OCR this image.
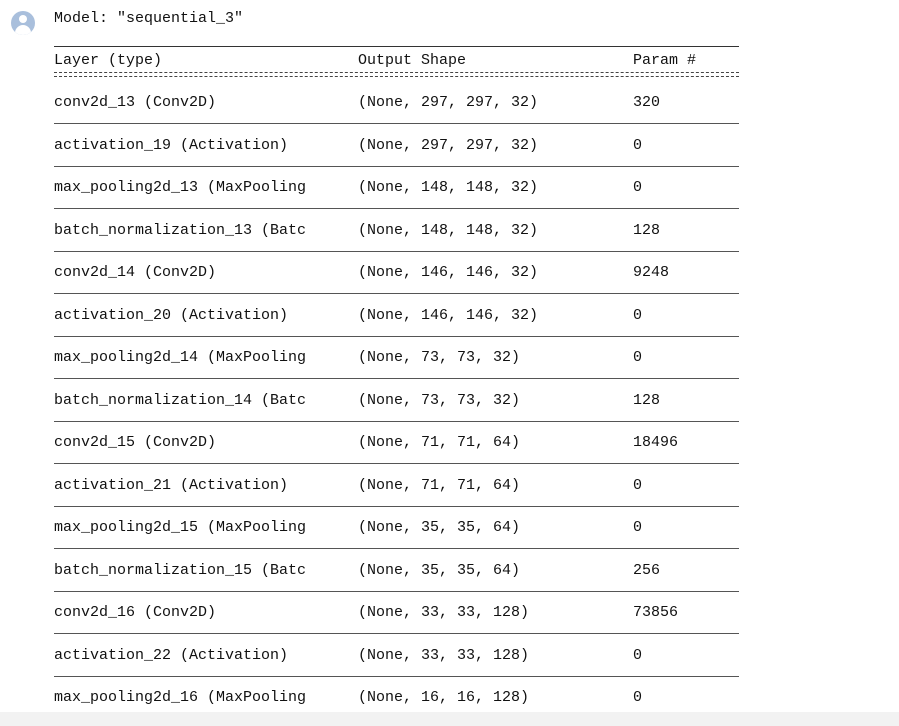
Model: "sequential_3"
Layer (type)	Output Shape	Param #
conv2d_13 (Conv2D)	(None, 297, 297, 32)	320
activation_19 (Activation)	(None, 297, 297, 32)	0
max_pooling2d_13 (MaxPooling	(None, 148, 148, 32)	0
batch_normalization_13 (Batc	(None, 148, 148, 32)	128
conv2d_14 (Conv2D)	(None, 146, 146, 32)	9248
activation_20 (Activation)	(None, 146, 146, 32)	0
max_pooling2d_14 (MaxPooling	(None, 73, 73, 32)	0
batch_normalization_14 (Batc	(None, 73, 73, 32)	128
conv2d_15 (Conv2D)	(None, 71, 71, 64)	18496
activation_21 (Activation)	(None, 71, 71, 64)	0
max_pooling2d_15 (MaxPooling	(None, 35, 35, 64)	0
batch_normalization_15 (Batc	(None, 35, 35, 64)	256
conv2d_16 (Conv2D)	(None, 33, 33, 128)	73856
activation_22 (Activation)	(None, 33, 33, 128)	0
max_pooling2d_16 (MaxPooling	(None, 16, 16, 128)	0
